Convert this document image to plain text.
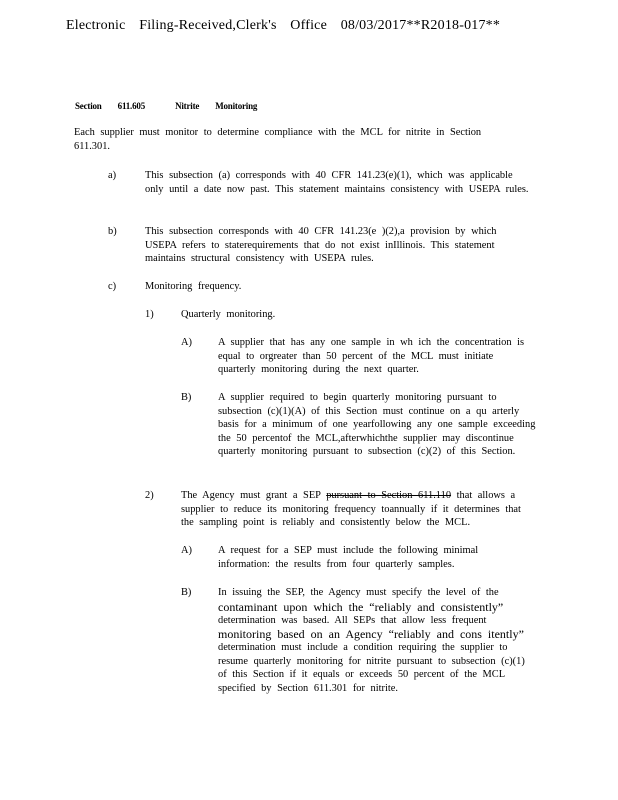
Electronic Filing-Received,Clerk's Office 08/03/2017**R2018-017**
Section 611.605	Nitrite Monitoring
Each supplier must monitor to determine compliance with the MCL for nitrite in Section 611.301.
a)	This subsection (a) corresponds with 40 CFR 141.23(e)(1), which was applicable only until a date now past. This statement maintains consistency with USEPA rules.
b)	This subsection corresponds with 40 CFR 141.23(e )(2),a provision by which USEPA refers to staterequirements that do not exist inIllinois. This statement maintains structural consistency with USEPA rules.
c)	Monitoring frequency.
1)	Quarterly monitoring.
A)	A supplier that has any one sample in wh ich the concentration is equal to orgreater than 50 percent of the MCL must initiate quarterly monitoring during the next quarter.
B)	A supplier required to begin quarterly monitoring pursuant to subsection (c)(1)(A) of this Section must continue on a qu arterly basis for a minimum of one yearfollowing any one sample exceeding the 50 percentof the MCL,afterwhichthe supplier may discontinue quarterly monitoring pursuant to subsection (c)(2) of this Section.
2)	The Agency must grant a SEP pursuant to Section 611.110 that allows a supplier to reduce its monitoring frequency toannually if it determines that the sampling point is reliably and consistently below the MCL.
A)	A request for a SEP must include the following minimal information: the results from four quarterly samples.
B)	In issuing the SEP, the Agency must specify the level of the
contaminant upon which the “reliably and consistently”
determination was based. All SEPs that allow less frequent
monitoring based on an Agency “reliably and cons itently”
determination must include a condition requiring the supplier to resume quarterly monitoring for nitrite pursuant to subsection (c)(1) of this Section if it equals or exceeds 50 percent of the MCL specified by Section 611.301 for nitrite.
